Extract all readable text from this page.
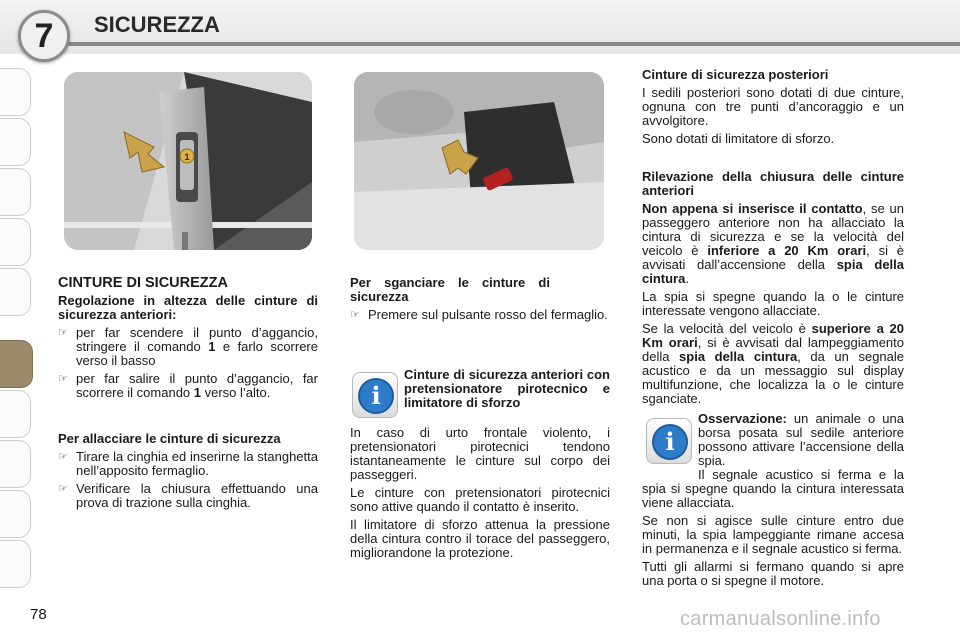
7	SICUREZZA
1

CINTURE DI SICUREZZA

Regolazione in altezza delle cinture di sicurezza anteriori:

☞ per far scendere il punto d’aggancio, stringere il comando 1 e farlo scorrere verso il basso

☞ per far salire il punto d’aggancio, far scorrere il comando 1 verso l’alto.

Per allacciare le cinture di sicurezza

☞ Tirare la cinghia ed inserirne la stanghetta nell’apposito fermaglio.

☞ Verificare la chiusura effettuando una prova di trazione sulla cinghia.

Per sganciare le cinture di sicurezza

☞ Premere sul pulsante rosso del fermaglio.

i

Cinture di sicurezza anteriori con pretensionatore pirotecnico e limitatore di sforzo

In caso di urto frontale violento, i pretensionatori pirotecnici tendono istantaneamente le cinture sul corpo dei passeggeri.

Le cinture con pretensionatori pirotecnici sono attive quando il contatto è inserito.

Il limitatore di sforzo attenua la pressione della cintura contro il torace del passeggero, migliorandone la protezione.

Cinture di sicurezza posteriori

I sedili posteriori sono dotati di due cinture, ognuna con tre punti d’ancoraggio e un avvolgitore.

Sono dotati di limitatore di sforzo.

Rilevazione della chiusura delle cinture anteriori

Non appena si inserisce il contatto, se un passeggero anteriore non ha allacciato la cintura di sicurezza e se la velocità del veicolo è inferiore a 20 Km orari, si è avvisati dall’accensione della spia della cintura.

La spia si spegne quando la o le cinture interessate vengono allacciate.

Se la velocità del veicolo è superiore a 20 Km orari, si è avvisati dal lampeggiamento della spia della cintura, da un segnale acustico e da un messaggio sul display multifunzione, che localizza la o le cinture sganciate.

i

Osservazione: un animale o una borsa posata sul sedile anteriore possono attivare l’accensione della spia.

Il segnale acustico si ferma e la spia si spegne quando la cintura interessata viene allacciata.

Se non si agisce sulle cinture entro due minuti, la spia lampeggiante rimane accesa in permanenza e il segnale acustico si ferma.

Tutti gli allarmi si fermano quando si apre una porta o si spegne il motore.

78	carmanualsonline.info
